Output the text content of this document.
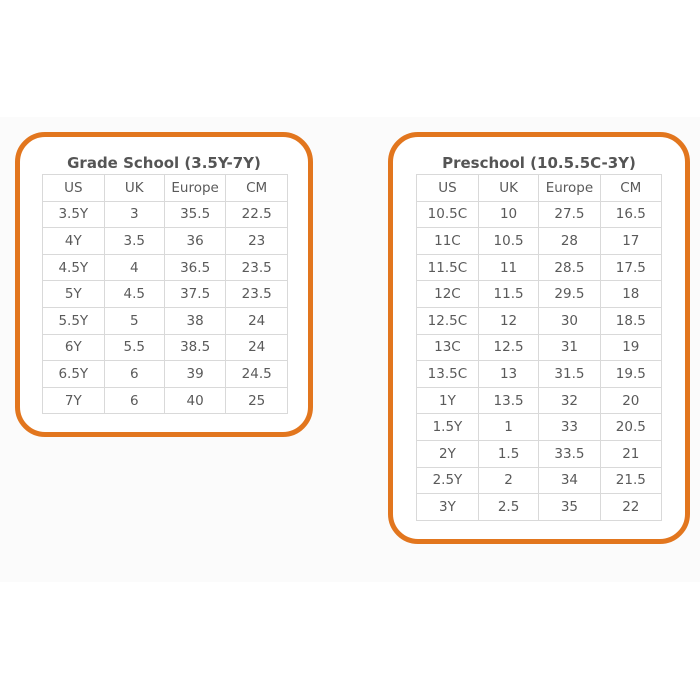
Grade School (3.5Y-7Y)
US	UK	Europe	CM
3.5Y	3	35.5	22.5
4Y	3.5	36	23
4.5Y	4	36.5	23.5
5Y	4.5	37.5	23.5
5.5Y	5	38	24
6Y	5.5	38.5	24
6.5Y	6	39	24.5
7Y	6	40	25
Preschool (10.5.5C-3Y)
US	UK	Europe	CM
10.5C	10	27.5	16.5
11C	10.5	28	17
11.5C	11	28.5	17.5
12C	11.5	29.5	18
12.5C	12	30	18.5
13C	12.5	31	19
13.5C	13	31.5	19.5
1Y	13.5	32	20
1.5Y	1	33	20.5
2Y	1.5	33.5	21
2.5Y	2	34	21.5
3Y	2.5	35	22
